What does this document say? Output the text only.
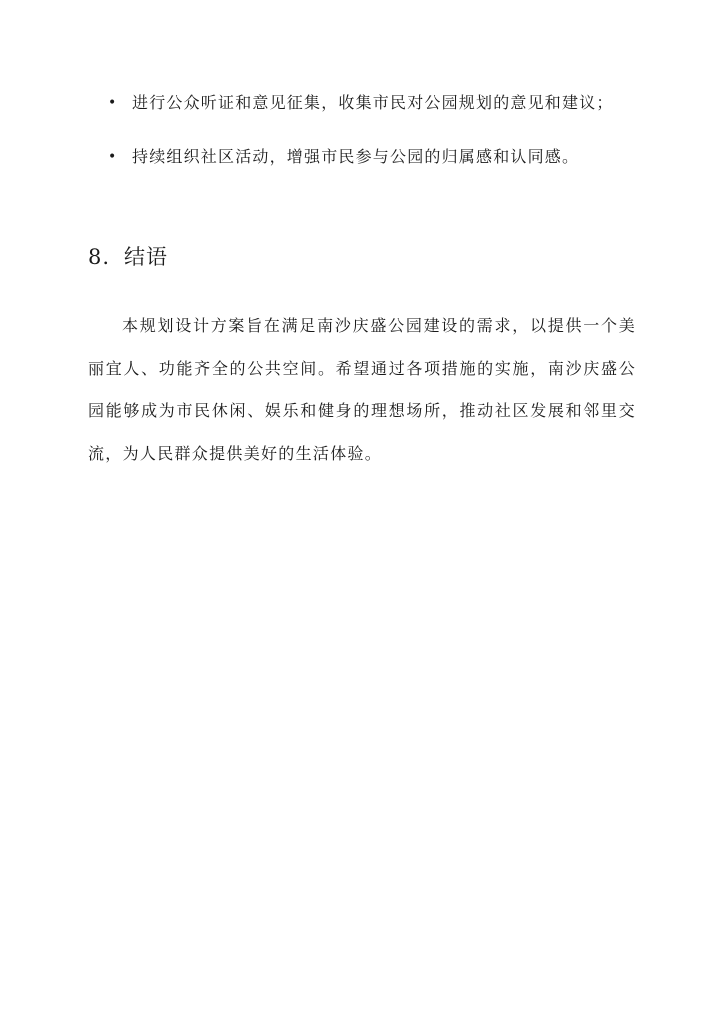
• 进行公众听证和意见征集，收集市民对公园规划的意见和建议；
• 持续组织社区活动，增强市民参与公园的归属感和认同感。
8. 结语

本规划设计方案旨在满足南沙庆盛公园建设的需求，以提供一个美丽宜人、功能齐全的公共空间。希望通过各项措施的实施，南沙庆盛公园能够成为市民休闲、娱乐和健身的理想场所，推动社区发展和邻里交流，为人民群众提供美好的生活体验。
